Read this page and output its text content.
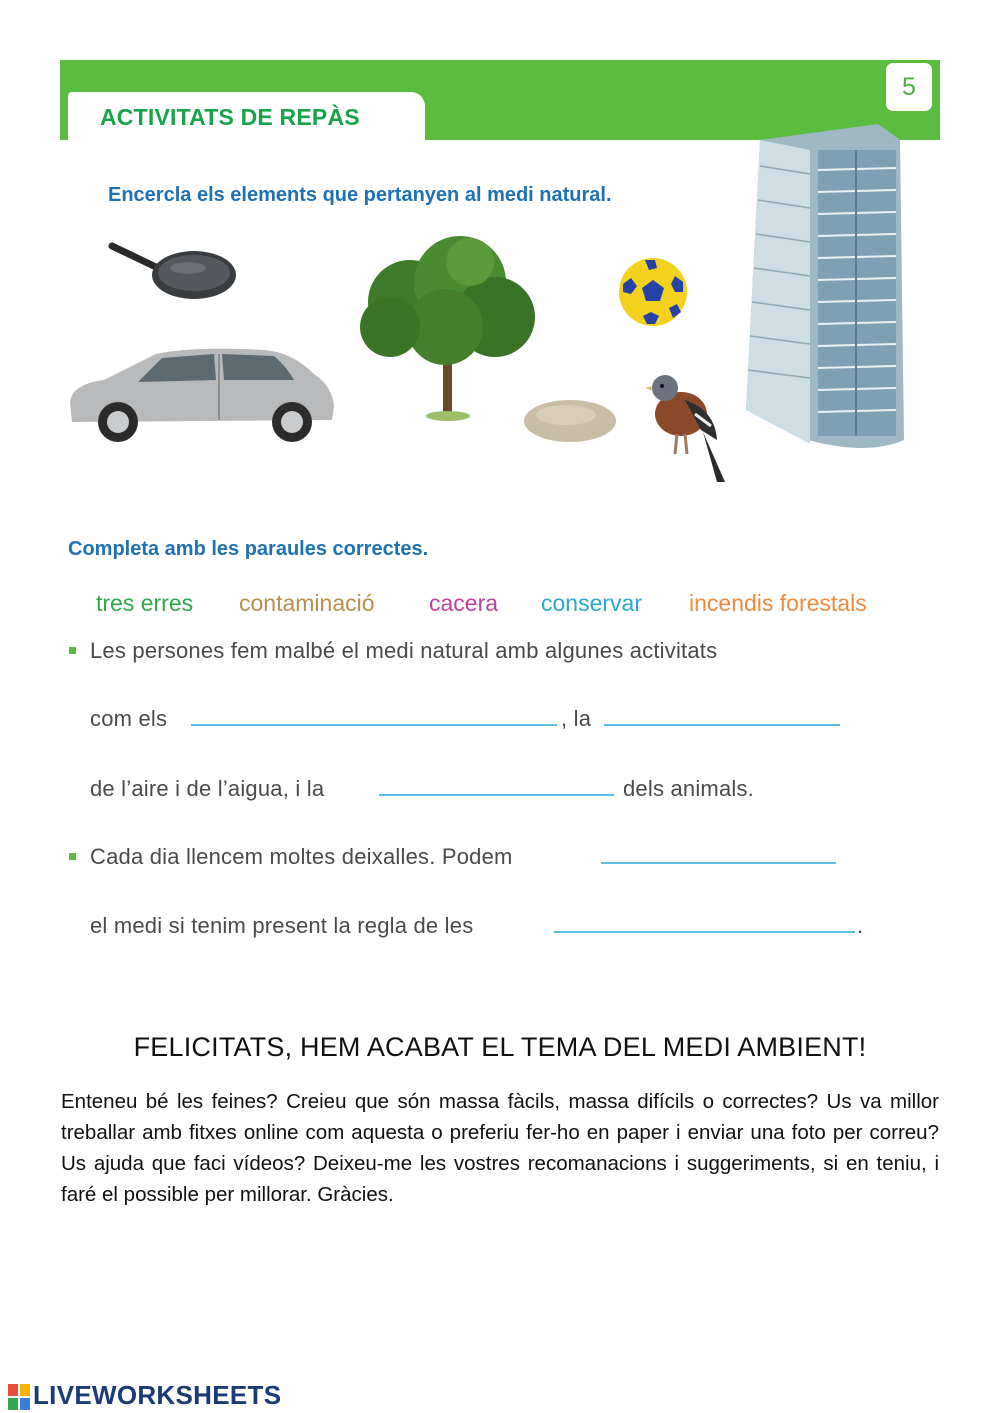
ACTIVITATS DE REPÀS
5
Encercla els elements que pertanyen al medi natural.
Completa amb les paraules correctes.
tres erres contaminació cacera conservar incendis forestals
Les persones fem malbé el medi natural amb algunes activitats
com els	, la
de l’aire i de l’aigua, i la	dels animals.
Cada dia llencem moltes deixalles. Podem
el medi si tenim present la regla de les	.
FELICITATS, HEM ACABAT EL TEMA DEL MEDI AMBIENT!
Enteneu bé les feines? Creieu que són massa fàcils, massa difícils o correctes? Us va millor treballar amb fitxes online com aquesta o preferiu fer-ho en paper i enviar una foto per correu? Us ajuda que faci vídeos? Deixeu-me les vostres recomanacions i suggeriments, si en teniu, i faré el possible per millorar. Gràcies.
LIVEWORKSHEETS
